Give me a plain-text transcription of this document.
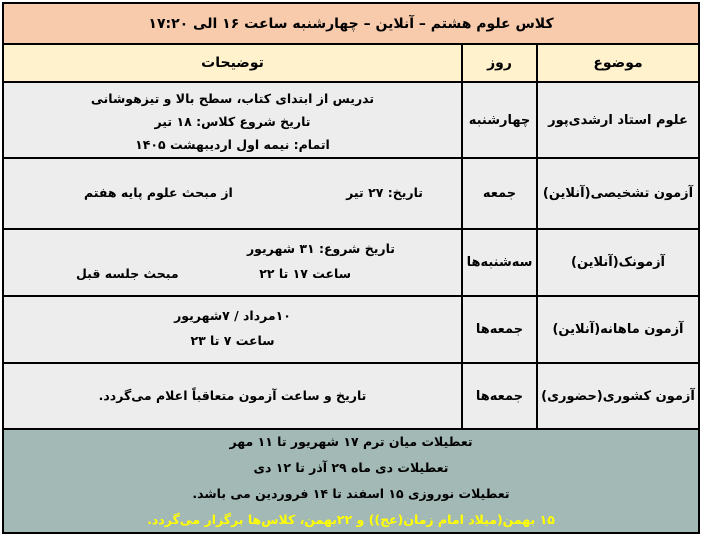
کلاس علوم هشتم – آنلاین – چهارشنبه ساعت ۱۶ الی ۱۷:۲۰
موضوع
روز
توضیحات
علوم استاد ارشدی‌پور
چهارشنبه
تدریس از ابتدای کتاب، سطح بالا و تیزهوشانی
تاریخ شروع کلاس: ۱۸ تیر
اتمام: نیمه اول اردیبهشت ۱۴۰۵
آزمون تشخیصی(آنلاین)
جمعه
تاریخ: ۲۷ تیر
از مبحث علوم پایه هفتم
آزمونک(آنلاین)
سه‌شنبه‌ها
تاریخ شروع: ۳۱ شهریور
ساعت ۱۷ تا ۲۲
مبحث جلسه قبل
آزمون ماهانه(آنلاین)
جمعه‌ها
۱۰مرداد / ۷شهریور
ساعت ۷ تا ۲۳
آزمون کشوری(حضوری)
جمعه‌ها
تاریخ و ساعت آزمون متعاقباً اعلام می‌گردد.
تعطیلات میان ترم ۱۷ شهریور تا ۱۱ مهر
تعطیلات دی ماه ۲۹ آذر تا ۱۲ دی
تعطیلات نوروزی ۱۵ اسفند تا ۱۴ فروردین می باشد.
۱۵ بهمن(میلاد امام زمان(عج)) و ۲۲بهمن، کلاس‌ها برگزار می‌گردد.
